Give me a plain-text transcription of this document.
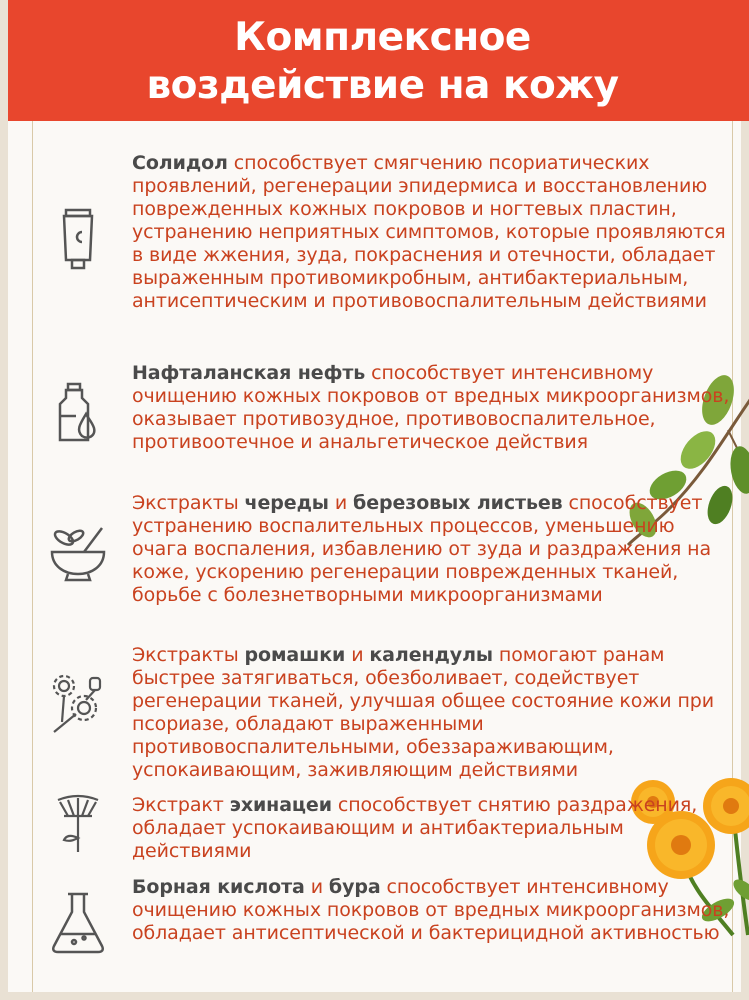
Комплексное
воздействие на кожу
Солидол способствует смягчению псориатических проявлений, регенерации эпидермиса и восстановлению поврежденных кожных покровов и ногтевых пластин, устранению неприятных симптомов, которые проявляются в виде жжения, зуда, покраснения и отечности, обладает выраженным противомикробным, антибактериальным, антисептическим и противовоспалительным действиями
Нафталанская нефть способствует интенсивному очищению кожных покровов от вредных микроорганизмов, оказывает противозудное, противовоспалительное, противоотечное и анальгетическое действия
Экстракты череды и березовых листьев способствует устранению воспалительных процессов, уменьшению очага воспаления, избавлению от зуда и раздражения на коже, ускорению регенерации поврежденных тканей, борьбе с болезнетворными микроорганизмами
Экстракты ромашки и календулы помогают ранам быстрее затягиваться, обезболивает, содействует регенерации тканей, улучшая общее состояние кожи при псориазе, обладают выраженными противовоспалительными, обеззараживающим, успокаивающим, заживляющим действиями
Экстракт эхинацеи способствует снятию раздражения, обладает успокаивающим и антибактериальным действиями
Борная кислота и бура способствует интенсивному очищению кожных покровов от вредных микроорганизмов, обладает антисептической и бактерицидной активностью
